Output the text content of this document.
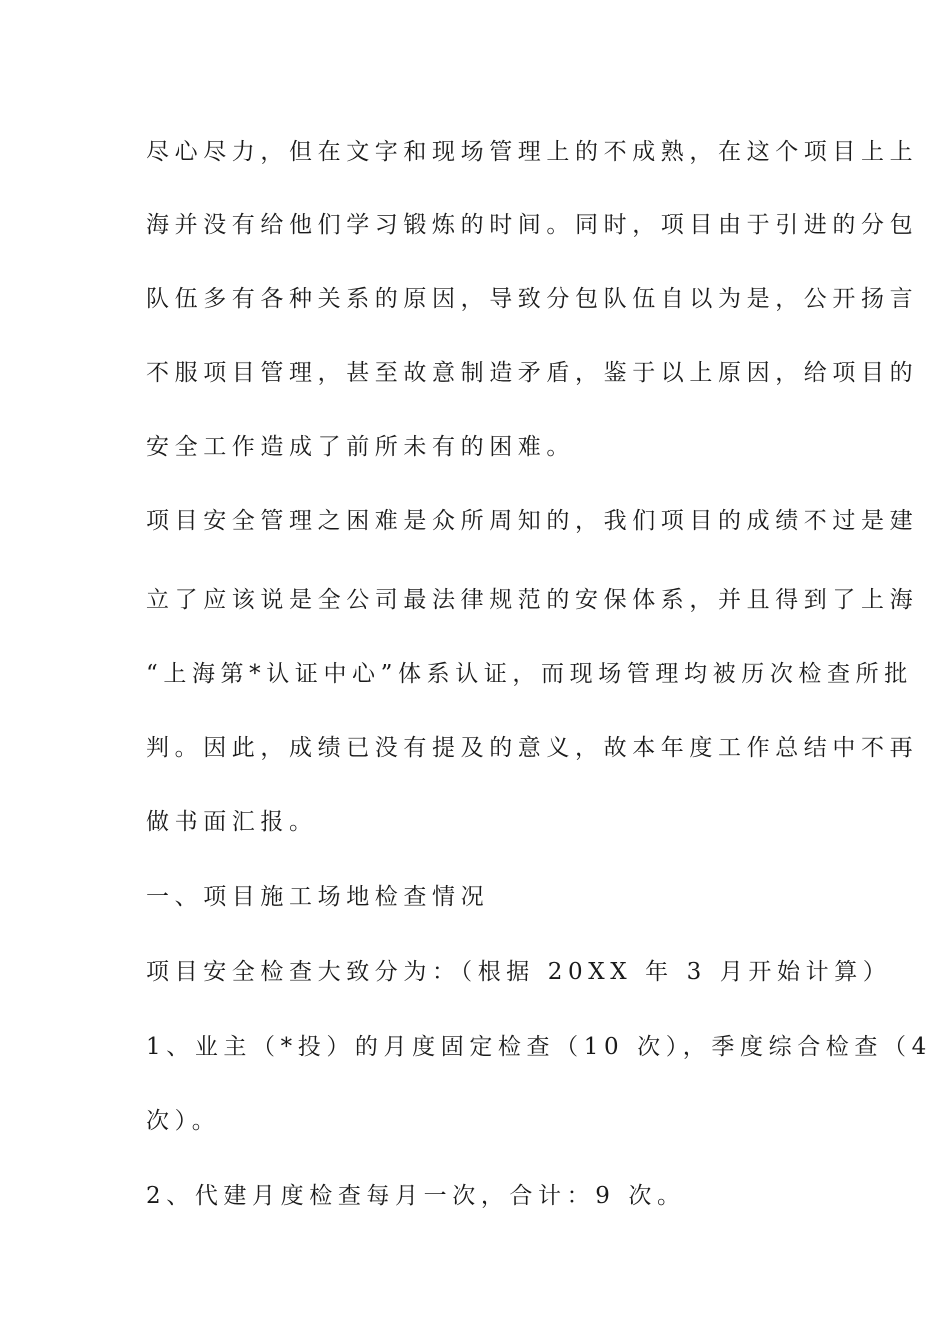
尽心尽力，但在文字和现场管理上的不成熟，在这个项目上上

海并没有给他们学习锻炼的时间。同时，项目由于引进的分包

队伍多有各种关系的原因，导致分包队伍自以为是，公开扬言

不服项目管理，甚至故意制造矛盾，鉴于以上原因，给项目的

安全工作造成了前所未有的困难。

项目安全管理之困难是众所周知的，我们项目的成绩不过是建

立了应该说是全公司最法律规范的安保体系，并且得到了上海

“上海第*认证中心”体系认证，而现场管理均被历次检查所批

判。因此，成绩已没有提及的意义，故本年度工作总结中不再

做书面汇报。

一、项目施工场地检查情况

项目安全检查大致分为：（根据 20XX 年 3 月开始计算）

1、业主（*投）的月度固定检查（10 次），季度综合检查（4

次）。

2、代建月度检查每月一次，合计：9 次。
